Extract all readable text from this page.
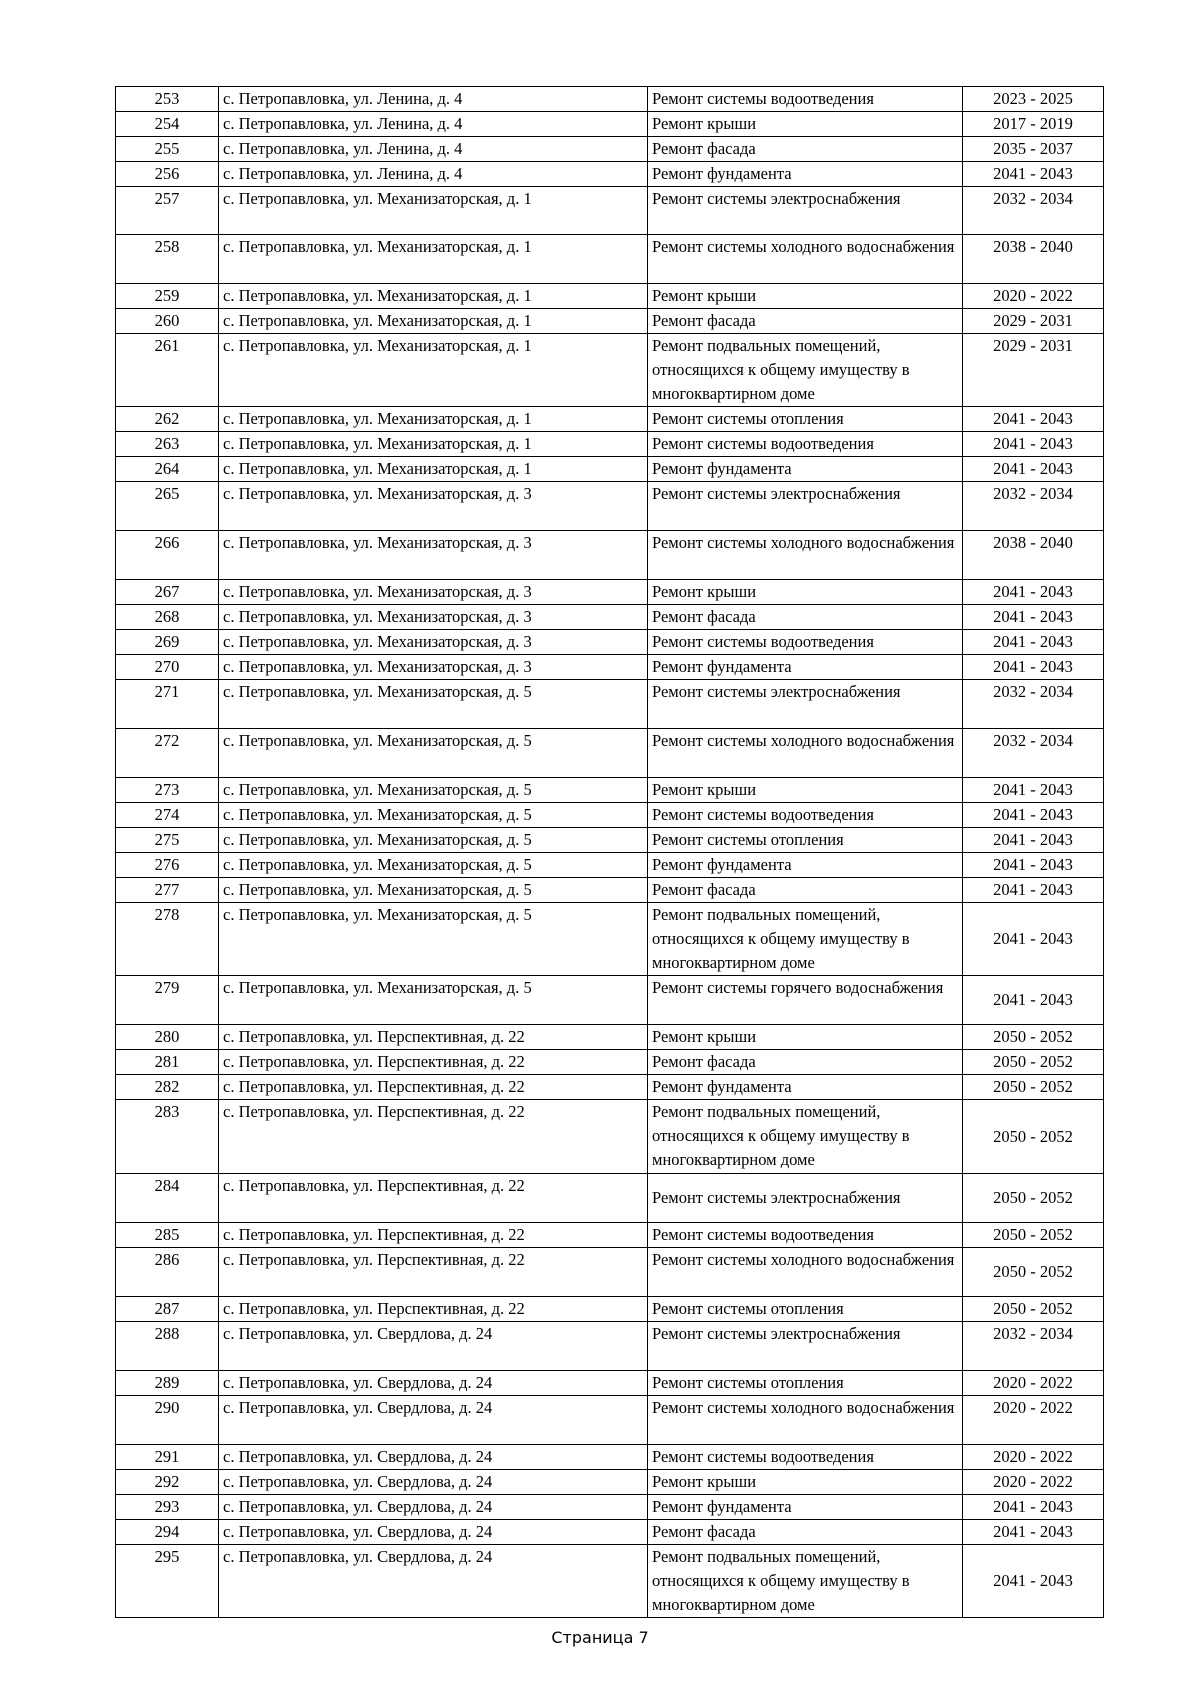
253	с. Петропавловка, ул. Ленина, д. 4	Ремонт системы водоотведения	2023 - 2025
254	с. Петропавловка, ул. Ленина, д. 4	Ремонт крыши	2017 - 2019
255	с. Петропавловка, ул. Ленина, д. 4	Ремонт фасада	2035 - 2037
256	с. Петропавловка, ул. Ленина, д. 4	Ремонт фундамента	2041 - 2043
257	с. Петропавловка, ул. Механизаторская, д. 1	Ремонт системы электроснабжения	2032 - 2034
258	с. Петропавловка, ул. Механизаторская, д. 1	Ремонт системы холодного водоснабжения	2038 - 2040
259	с. Петропавловка, ул. Механизаторская, д. 1	Ремонт крыши	2020 - 2022
260	с. Петропавловка, ул. Механизаторская, д. 1	Ремонт фасада	2029 - 2031
261	с. Петропавловка, ул. Механизаторская, д. 1	Ремонт подвальных помещений, относящихся к общему имуществу в многоквартирном доме	2029 - 2031
262	с. Петропавловка, ул. Механизаторская, д. 1	Ремонт системы отопления	2041 - 2043
263	с. Петропавловка, ул. Механизаторская, д. 1	Ремонт системы водоотведения	2041 - 2043
264	с. Петропавловка, ул. Механизаторская, д. 1	Ремонт фундамента	2041 - 2043
265	с. Петропавловка, ул. Механизаторская, д. 3	Ремонт системы электроснабжения	2032 - 2034
266	с. Петропавловка, ул. Механизаторская, д. 3	Ремонт системы холодного водоснабжения	2038 - 2040
267	с. Петропавловка, ул. Механизаторская, д. 3	Ремонт крыши	2041 - 2043
268	с. Петропавловка, ул. Механизаторская, д. 3	Ремонт фасада	2041 - 2043
269	с. Петропавловка, ул. Механизаторская, д. 3	Ремонт системы водоотведения	2041 - 2043
270	с. Петропавловка, ул. Механизаторская, д. 3	Ремонт фундамента	2041 - 2043
271	с. Петропавловка, ул. Механизаторская, д. 5	Ремонт системы электроснабжения	2032 - 2034
272	с. Петропавловка, ул. Механизаторская, д. 5	Ремонт системы холодного водоснабжения	2032 - 2034
273	с. Петропавловка, ул. Механизаторская, д. 5	Ремонт крыши	2041 - 2043
274	с. Петропавловка, ул. Механизаторская, д. 5	Ремонт системы водоотведения	2041 - 2043
275	с. Петропавловка, ул. Механизаторская, д. 5	Ремонт системы отопления	2041 - 2043
276	с. Петропавловка, ул. Механизаторская, д. 5	Ремонт фундамента	2041 - 2043
277	с. Петропавловка, ул. Механизаторская, д. 5	Ремонт фасада	2041 - 2043
278	с. Петропавловка, ул. Механизаторская, д. 5	Ремонт подвальных помещений, относящихся к общему имуществу в многоквартирном доме	2041 - 2043
279	с. Петропавловка, ул. Механизаторская, д. 5	Ремонт системы горячего водоснабжения	2041 - 2043
280	с. Петропавловка, ул. Перспективная, д. 22	Ремонт крыши	2050 - 2052
281	с. Петропавловка, ул. Перспективная, д. 22	Ремонт фасада	2050 - 2052
282	с. Петропавловка, ул. Перспективная, д. 22	Ремонт фундамента	2050 - 2052
283	с. Петропавловка, ул. Перспективная, д. 22	Ремонт подвальных помещений, относящихся к общему имуществу в многоквартирном доме	2050 - 2052
284	с. Петропавловка, ул. Перспективная, д. 22	Ремонт системы электроснабжения	2050 - 2052
285	с. Петропавловка, ул. Перспективная, д. 22	Ремонт системы водоотведения	2050 - 2052
286	с. Петропавловка, ул. Перспективная, д. 22	Ремонт системы холодного водоснабжения	2050 - 2052
287	с. Петропавловка, ул. Перспективная, д. 22	Ремонт системы отопления	2050 - 2052
288	с. Петропавловка, ул. Свердлова, д. 24	Ремонт системы электроснабжения	2032 - 2034
289	с. Петропавловка, ул. Свердлова, д. 24	Ремонт системы отопления	2020 - 2022
290	с. Петропавловка, ул. Свердлова, д. 24	Ремонт системы холодного водоснабжения	2020 - 2022
291	с. Петропавловка, ул. Свердлова, д. 24	Ремонт системы водоотведения	2020 - 2022
292	с. Петропавловка, ул. Свердлова, д. 24	Ремонт крыши	2020 - 2022
293	с. Петропавловка, ул. Свердлова, д. 24	Ремонт фундамента	2041 - 2043
294	с. Петропавловка, ул. Свердлова, д. 24	Ремонт фасада	2041 - 2043
295	с. Петропавловка, ул. Свердлова, д. 24	Ремонт подвальных помещений, относящихся к общему имуществу в многоквартирном доме	2041 - 2043
Страница 7
